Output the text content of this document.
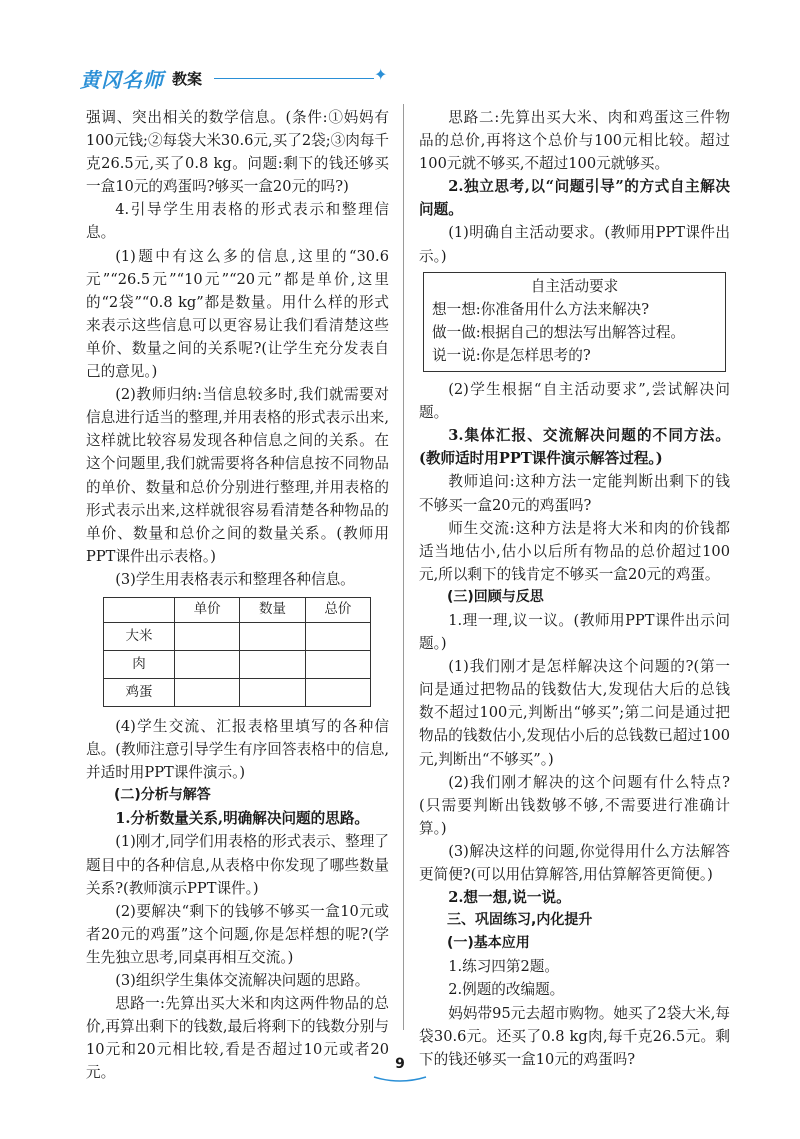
黄冈名师 教案	✦

强调、突出相关的数学信息。(条件:①妈妈有100元钱;②每袋大米30.6元,买了2袋;③肉每千克26.5元,买了0.8 kg。问题:剩下的钱还够买一盒10元的鸡蛋吗?够买一盒20元的吗?)

4.引导学生用表格的形式表示和整理信息。

(1)题中有这么多的信息,这里的“30.6元”“26.5元”“10元”“20元”都是单价,这里的“2袋”“0.8 kg”都是数量。用什么样的形式来表示这些信息可以更容易让我们看清楚这些单价、数量之间的关系呢?(让学生充分发表自己的意见。)

(2)教师归纳:当信息较多时,我们就需要对信息进行适当的整理,并用表格的形式表示出来,这样就比较容易发现各种信息之间的关系。在这个问题里,我们就需要将各种信息按不同物品的单价、数量和总价分别进行整理,并用表格的形式表示出来,这样就很容易看清楚各种物品的单价、数量和总价之间的数量关系。(教师用PPT课件出示表格。)

(3)学生用表格表示和整理各种信息。

	单价	数量	总价
大米			
肉			
鸡蛋			

(4)学生交流、汇报表格里填写的各种信息。(教师注意引导学生有序回答表格中的信息,并适时用PPT课件演示。)

(二)分析与解答

1.分析数量关系,明确解决问题的思路。

(1)刚才,同学们用表格的形式表示、整理了题目中的各种信息,从表格中你发现了哪些数量关系?(教师演示PPT课件。)

(2)要解决“剩下的钱够不够买一盒10元或者20元的鸡蛋”这个问题,你是怎样想的呢?(学生先独立思考,同桌再相互交流。)

(3)组织学生集体交流解决问题的思路。

思路一:先算出买大米和肉这两件物品的总价,再算出剩下的钱数,最后将剩下的钱数分别与10元和20元相比较,看是否超过10元或者20元。

思路二:先算出买大米、肉和鸡蛋这三件物品的总价,再将这个总价与100元相比较。超过100元就不够买,不超过100元就够买。

2.独立思考,以“问题引导”的方式自主解决问题。

(1)明确自主活动要求。(教师用PPT课件出示。)

自主活动要求

想一想:你准备用什么方法来解决?

做一做:根据自己的想法写出解答过程。

说一说:你是怎样思考的?

(2)学生根据“自主活动要求”,尝试解决问题。

3.集体汇报、交流解决问题的不同方法。(教师适时用PPT课件演示解答过程。)

教师追问:这种方法一定能判断出剩下的钱不够买一盒20元的鸡蛋吗?

师生交流:这种方法是将大米和肉的价钱都适当地估小,估小以后所有物品的总价超过100元,所以剩下的钱肯定不够买一盒20元的鸡蛋。

(三)回顾与反思

1.理一理,议一议。(教师用PPT课件出示问题。)

(1)我们刚才是怎样解决这个问题的?(第一问是通过把物品的钱数估大,发现估大后的总钱数不超过100元,判断出“够买”;第二问是通过把物品的钱数估小,发现估小后的总钱数已超过100元,判断出“不够买”。)

(2)我们刚才解决的这个问题有什么特点?(只需要判断出钱数够不够,不需要进行准确计算。)

(3)解决这样的问题,你觉得用什么方法解答更简便?(可以用估算解答,用估算解答更简便。)

2.想一想,说一说。

三、巩固练习,内化提升

(一)基本应用

1.练习四第2题。

2.例题的改编题。

妈妈带95元去超市购物。她买了2袋大米,每袋30.6元。还买了0.8 kg肉,每千克26.5元。剩下的钱还够买一盒10元的鸡蛋吗?

9
